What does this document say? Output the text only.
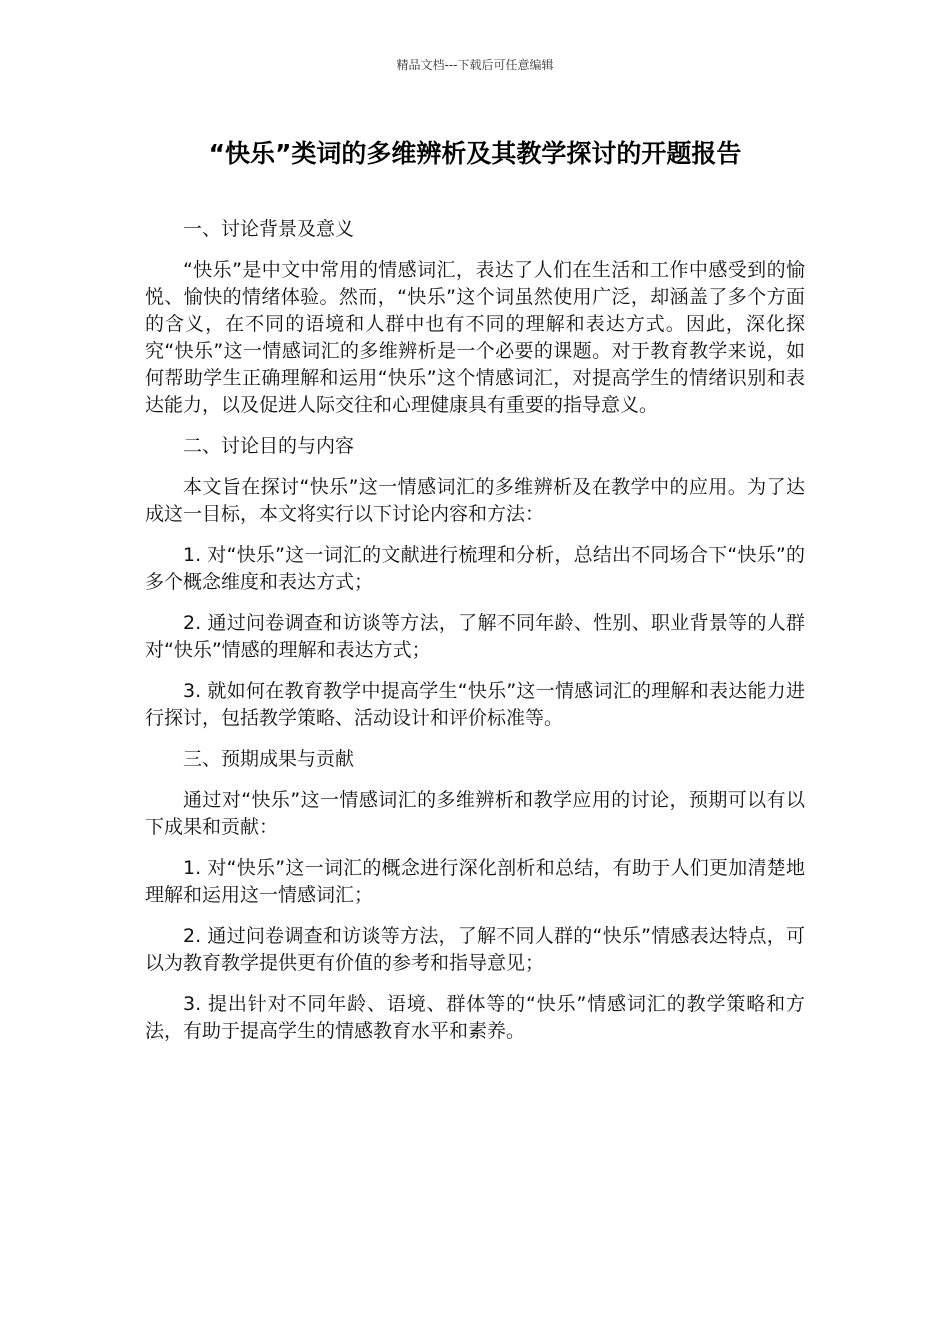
精品文档---下载后可任意编辑
“快乐”类词的多维辨析及其教学探讨的开题报告

一、讨论背景及意义

“快乐”是中文中常用的情感词汇，表达了人们在生活和工作中感受到的愉悦、愉快的情绪体验。然而，“快乐”这个词虽然使用广泛，却涵盖了多个方面的含义，在不同的语境和人群中也有不同的理解和表达方式。因此，深化探究“快乐”这一情感词汇的多维辨析是一个必要的课题。对于教育教学来说，如何帮助学生正确理解和运用“快乐”这个情感词汇，对提高学生的情绪识别和表达能力，以及促进人际交往和心理健康具有重要的指导意义。

二、讨论目的与内容

本文旨在探讨“快乐”这一情感词汇的多维辨析及在教学中的应用。为了达成这一目标，本文将实行以下讨论内容和方法：

1. 对“快乐”这一词汇的文献进行梳理和分析，总结出不同场合下“快乐”的多个概念维度和表达方式；

2. 通过问卷调查和访谈等方法，了解不同年龄、性别、职业背景等的人群对“快乐”情感的理解和表达方式；

3. 就如何在教育教学中提高学生“快乐”这一情感词汇的理解和表达能力进行探讨，包括教学策略、活动设计和评价标准等。

三、预期成果与贡献

通过对“快乐”这一情感词汇的多维辨析和教学应用的讨论，预期可以有以下成果和贡献：

1. 对“快乐”这一词汇的概念进行深化剖析和总结，有助于人们更加清楚地理解和运用这一情感词汇；

2. 通过问卷调查和访谈等方法，了解不同人群的“快乐”情感表达特点，可以为教育教学提供更有价值的参考和指导意见；

3. 提出针对不同年龄、语境、群体等的“快乐”情感词汇的教学策略和方法，有助于提高学生的情感教育水平和素养。
